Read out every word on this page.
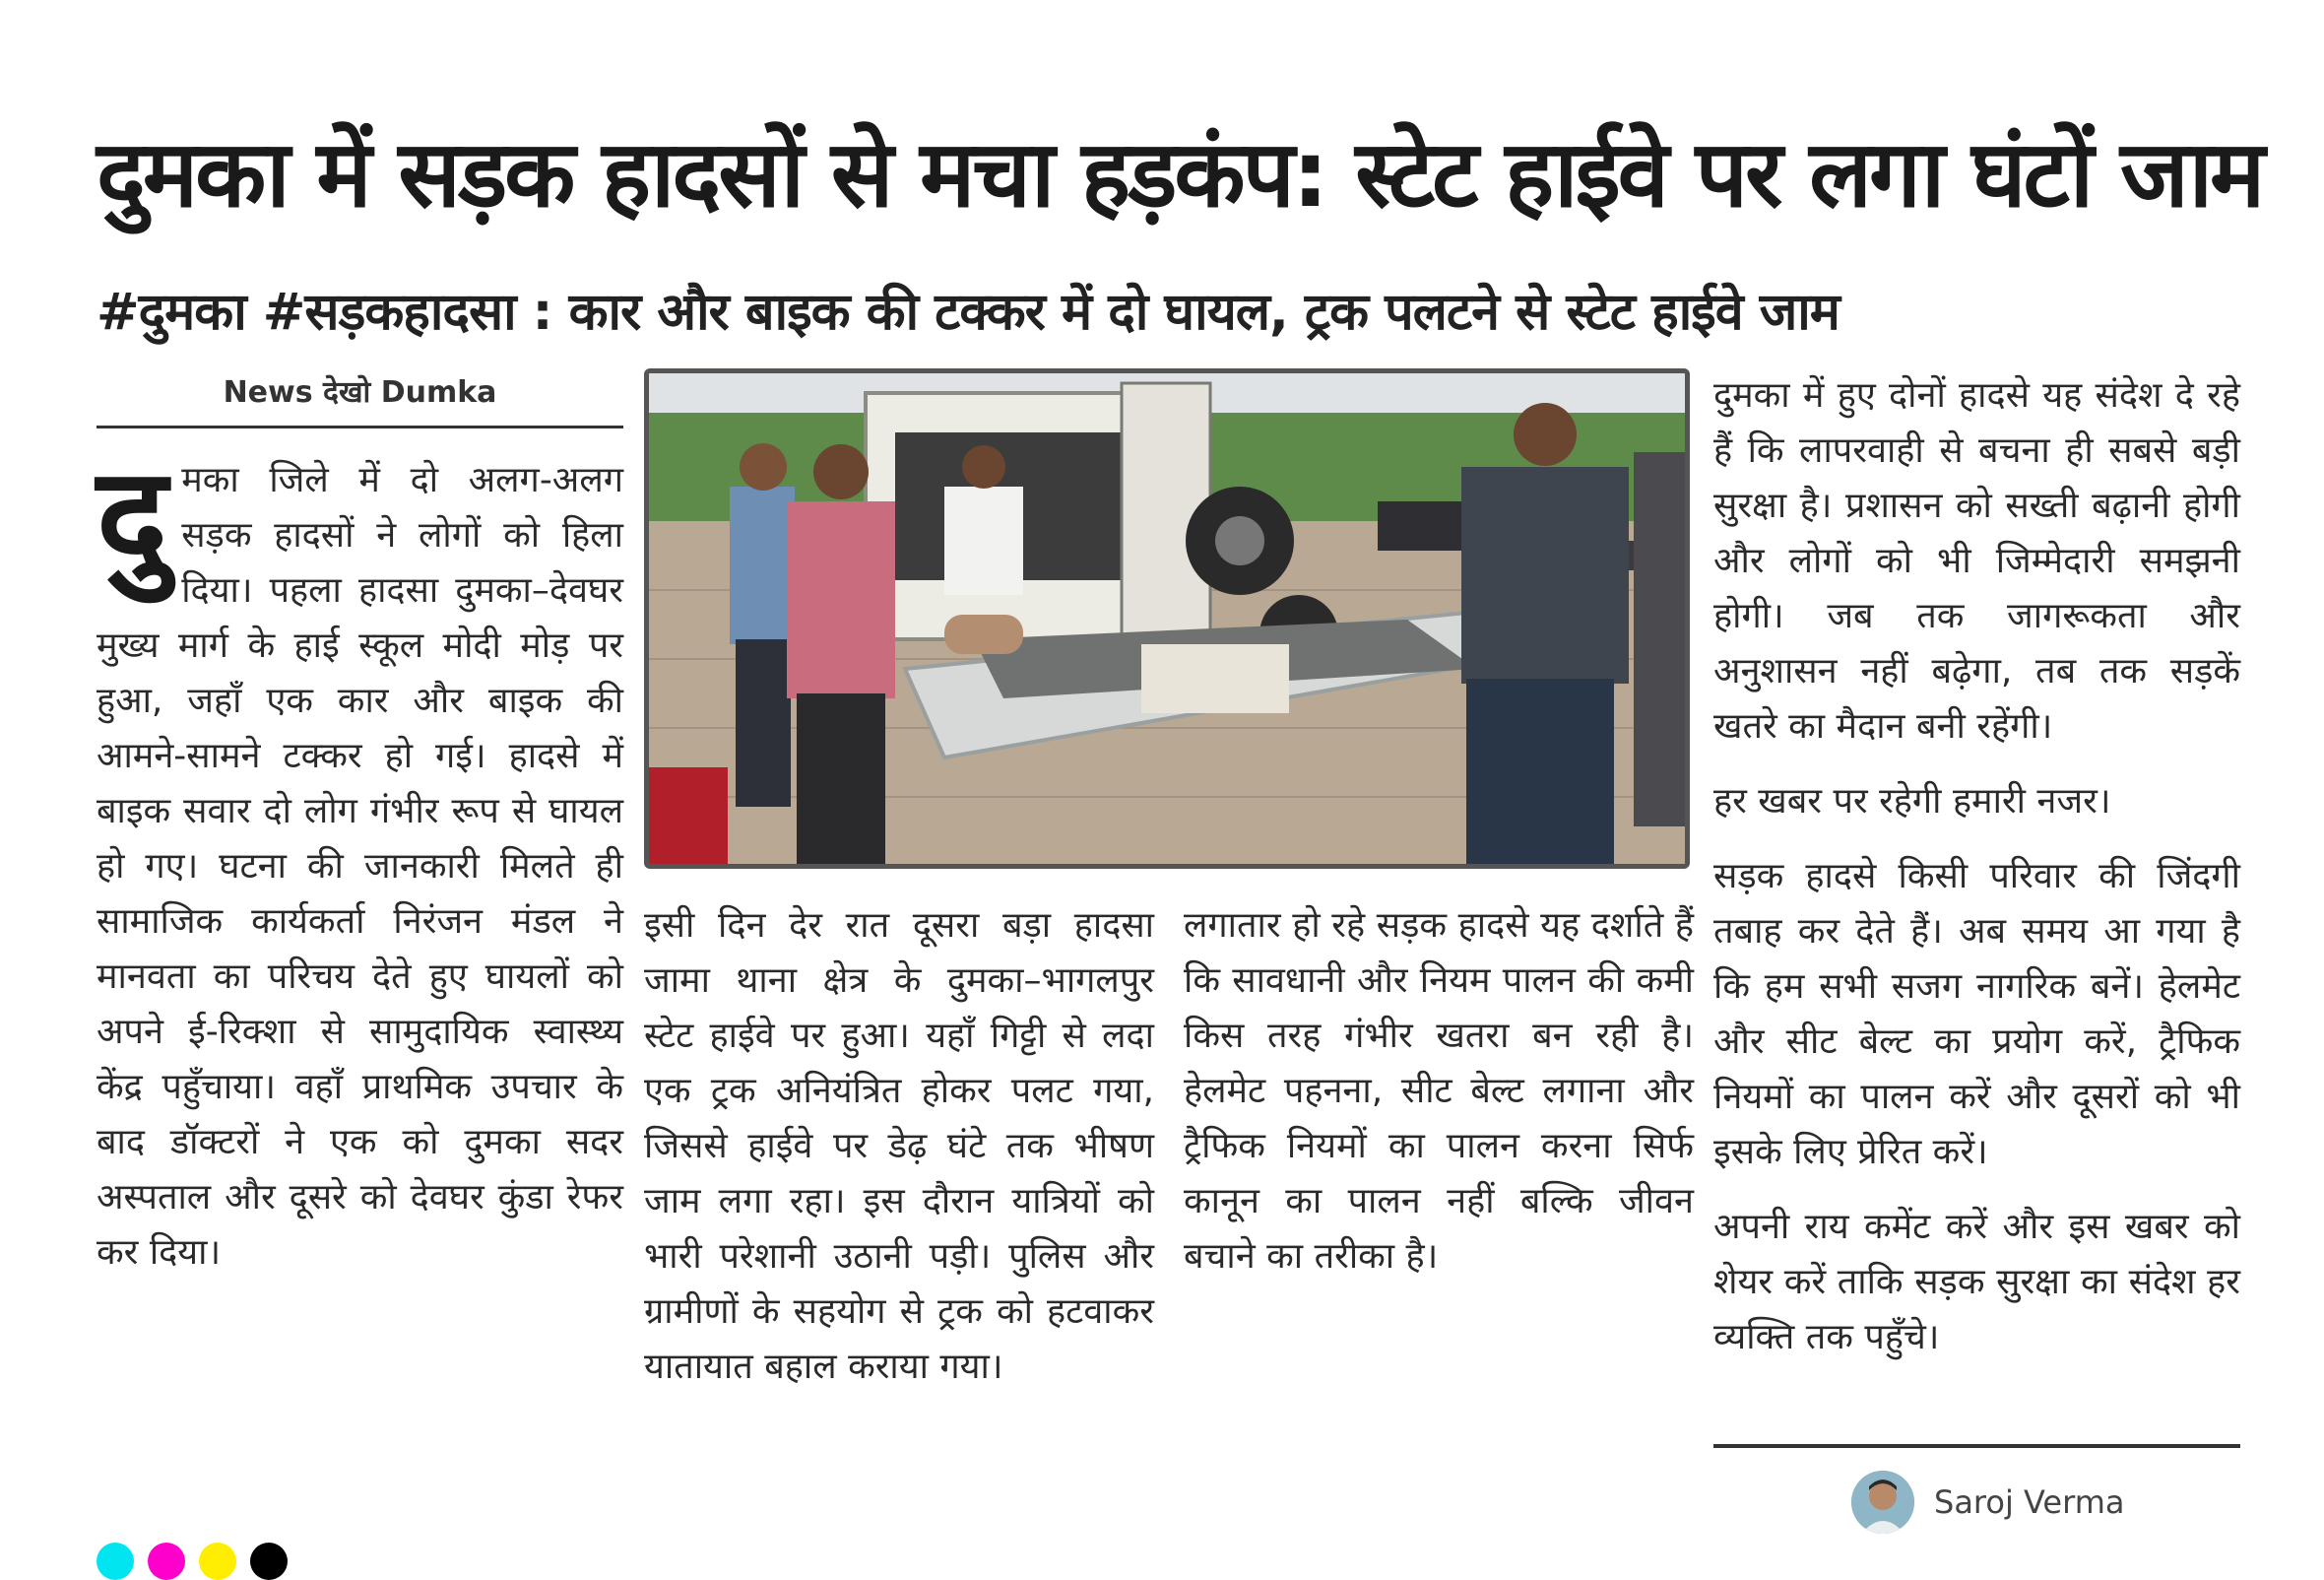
दुमका में सड़क हादसों से मचा हड़कंप: स्टेट हाईवे पर लगा घंटों जाम
#दुमका #सड़कहादसा : कार और बाइक की टक्कर में दो घायल, ट्रक पलटने से स्टेट हाईवे जाम
News देखो Dumka

दुमका जिले में दो अलग-अलग सड़क हादसों ने लोगों को हिला दिया। पहला हादसा दुमका–देवघर मुख्य मार्ग के हाई स्कूल मोदी मोड़ पर हुआ, जहाँ एक कार और बाइक की आमने-सामने टक्कर हो गई। हादसे में बाइक सवार दो लोग गंभीर रूप से घायल हो गए। घटना की जानकारी मिलते ही सामाजिक कार्यकर्ता निरंजन मंडल ने मानवता का परिचय देते हुए घायलों को अपने ई-रिक्शा से सामुदायिक स्वास्थ्य केंद्र पहुँचाया। वहाँ प्राथमिक उपचार के बाद डॉक्टरों ने एक को दुमका सदर अस्पताल और दूसरे को देवघर कुंडा रेफर कर दिया।

इसी दिन देर रात दूसरा बड़ा हादसा जामा थाना क्षेत्र के दुमका–भागलपुर स्टेट हाईवे पर हुआ। यहाँ गिट्टी से लदा एक ट्रक अनियंत्रित होकर पलट गया, जिससे हाईवे पर डेढ़ घंटे तक भीषण जाम लगा रहा। इस दौरान यात्रियों को भारी परेशानी उठानी पड़ी। पुलिस और ग्रामीणों के सहयोग से ट्रक को हटवाकर यातायात बहाल कराया गया।

लगातार हो रहे सड़क हादसे यह दर्शाते हैं कि सावधानी और नियम पालन की कमी किस तरह गंभीर खतरा बन रही है। हेलमेट पहनना, सीट बेल्ट लगाना और ट्रैफिक नियमों का पालन करना सिर्फ कानून का पालन नहीं बल्कि जीवन बचाने का तरीका है।

दुमका में हुए दोनों हादसे यह संदेश दे रहे हैं कि लापरवाही से बचना ही सबसे बड़ी सुरक्षा है। प्रशासन को सख्ती बढ़ानी होगी और लोगों को भी जिम्मेदारी समझनी होगी। जब तक जागरूकता और अनुशासन नहीं बढ़ेगा, तब तक सड़कें खतरे का मैदान बनी रहेंगी।

हर खबर पर रहेगी हमारी नजर।

सड़क हादसे किसी परिवार की जिंदगी तबाह कर देते हैं। अब समय आ गया है कि हम सभी सजग नागरिक बनें। हेलमेट और सीट बेल्ट का प्रयोग करें, ट्रैफिक नियमों का पालन करें और दूसरों को भी इसके लिए प्रेरित करें।

अपनी राय कमेंट करें और इस खबर को शेयर करें ताकि सड़क सुरक्षा का संदेश हर व्यक्ति तक पहुँचे।

Saroj Verma
